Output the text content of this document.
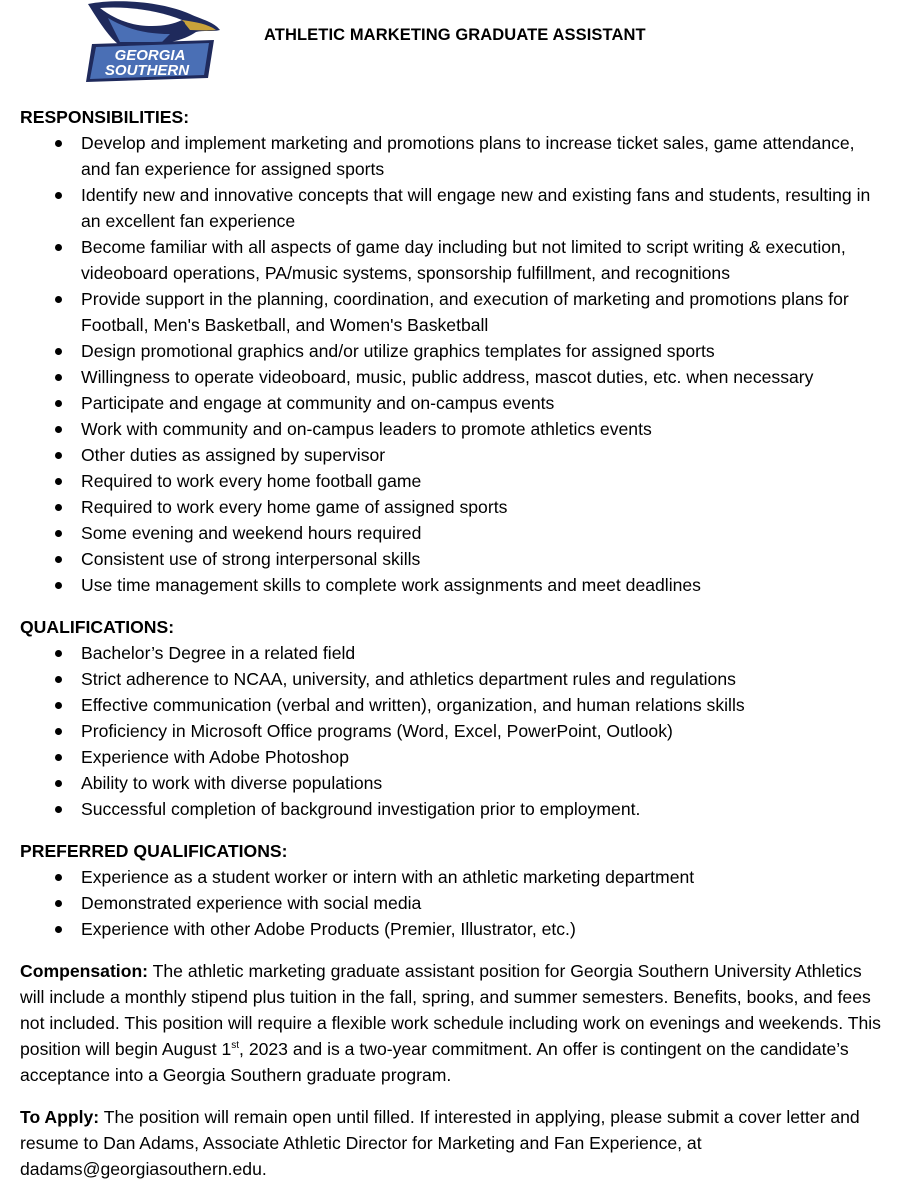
GEORGIA
SOUTHERN
ATHLETIC MARKETING GRADUATE ASSISTANT

RESPONSIBILITIES:

Develop and implement marketing and promotions plans to increase ticket sales, game attendance, and fan experience for assigned sports
Identify new and innovative concepts that will engage new and existing fans and students, resulting in an excellent fan experience
Become familiar with all aspects of game day including but not limited to script writing & execution, videoboard operations, PA/music systems, sponsorship fulfillment, and recognitions
Provide support in the planning, coordination, and execution of marketing and promotions plans for Football, Men's Basketball, and Women's Basketball
Design promotional graphics and/or utilize graphics templates for assigned sports
Willingness to operate videoboard, music, public address, mascot duties, etc. when necessary
Participate and engage at community and on-campus events
Work with community and on-campus leaders to promote athletics events
Other duties as assigned by supervisor
Required to work every home football game
Required to work every home game of assigned sports
Some evening and weekend hours required
Consistent use of strong interpersonal skills
Use time management skills to complete work assignments and meet deadlines

QUALIFICATIONS:

Bachelor’s Degree in a related field
Strict adherence to NCAA, university, and athletics department rules and regulations
Effective communication (verbal and written), organization, and human relations skills
Proficiency in Microsoft Office programs (Word, Excel, PowerPoint, Outlook)
Experience with Adobe Photoshop
Ability to work with diverse populations
Successful completion of background investigation prior to employment.

PREFERRED QUALIFICATIONS:

Experience as a student worker or intern with an athletic marketing department
Demonstrated experience with social media
Experience with other Adobe Products (Premier, Illustrator, etc.)

Compensation: The athletic marketing graduate assistant position for Georgia Southern University Athletics will include a monthly stipend plus tuition in the fall, spring, and summer semesters. Benefits, books, and fees not included. This position will require a flexible work schedule including work on evenings and weekends. This position will begin August 1st, 2023 and is a two-year commitment. An offer is contingent on the candidate’s acceptance into a Georgia Southern graduate program.

To Apply: The position will remain open until filled. If interested in applying, please submit a cover letter and resume to Dan Adams, Associate Athletic Director for Marketing and Fan Experience, at dadams@georgiasouthern.edu.
